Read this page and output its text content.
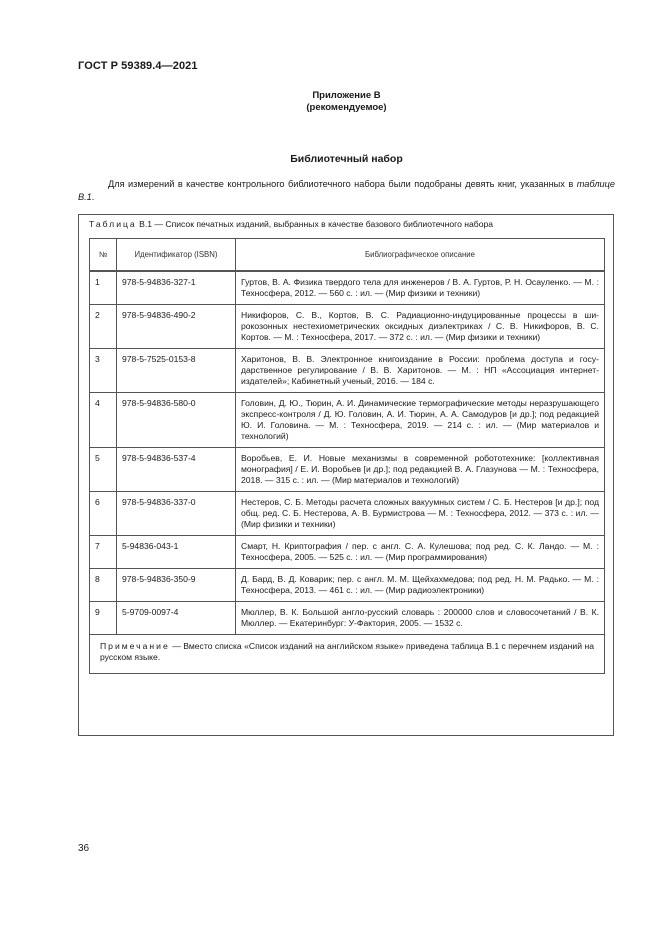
ГОСТ Р 59389.4—2021
Приложение В
(рекомендуемое)
Библиотечный набор
Для измерений в качестве контрольного библиотечного набора были подобраны девять книг, указанных в таблице В.1.
Таблица В.1 — Список печатных изданий, выбранных в качестве базового библиотечного набора
№	Идентификатор (ISBN)	Библиографическое описание

1	978-5-94836-327-1	Гуртов, В. А. Физика твердого тела для инженеров / В. А. Гуртов, Р. Н. Осауленко. — М. : Техносфера, 2012. — 560 с. : ил. — (Мир физики и техники)
2	978-5-94836-490-2	Никифоров, С. В., Кортов, В. С. Радиационно-индуцированные процессы в широкозонных нестехиометрических оксидных диэлектриках / С. В. Никифоров, В. С. Кортов. — М. : Техносфера, 2017. — 372 с. : ил. — (Мир физики и техники)
3	978-5-7525-0153-8	Харитонов, В. В. Электронное книгоиздание в России: проблема доступа и государственное регулирование / В. В. Харитонов. — М. : НП «Ассоциация интернет-издателей»; Кабинетный ученый, 2016. — 184 с.
4	978-5-94836-580-0	Головин, Д. Ю., Тюрин, А. И. Динамические термографические методы неразрушающего экспресс-контроля / Д. Ю. Головин, А. И. Тюрин, А. А. Самодуров [и др.]; под редакцией Ю. И. Головина. — М. : Техносфера, 2019. — 214 с. : ил. — (Мир материалов и технологий)
5	978-5-94836-537-4	Воробьев, Е. И. Новые механизмы в современной робототехнике: [коллективная монография] / Е. И. Воробьев [и др.]; под редакцией В. А. Глазунова — М. : Техносфера, 2018. — 315 с. : ил. — (Мир материалов и технологий)
6	978-5-94836-337-0	Нестеров, С. Б. Методы расчета сложных вакуумных систем / С. Б. Нестеров [и др.]; под общ. ред. С. Б. Нестерова, А. В. Бурмистрова — М. : Техносфера, 2012. — 373 с. : ил. — (Мир физики и техники)
7	5-94836-043-1	Смарт, Н. Криптография / пер. с англ. С. А. Кулешова; под ред. С. К. Ландо. — М. : Техносфера, 2005. — 525 с. : ил. — (Мир программирования)
8	978-5-94836-350-9	Д. Бард, В. Д. Коварик; пер. с англ. М. М. Щейхахмедова; под ред. Н. М. Радько. — М. : Техносфера, 2013. — 461 с. : ил. — (Мир радиоэлектроники)
9	5-9709-0097-4	Мюллер, В. К. Большой англо-русский словарь : 200000 слов и словосочетаний / В. К. Мюллер. — Екатеринбург: У-Фактория, 2005. — 1532 с.
Примечание — Вместо списка «Список изданий на английском языке» приведена таблица В.1 с перечнем изданий на русском языке.		
36
